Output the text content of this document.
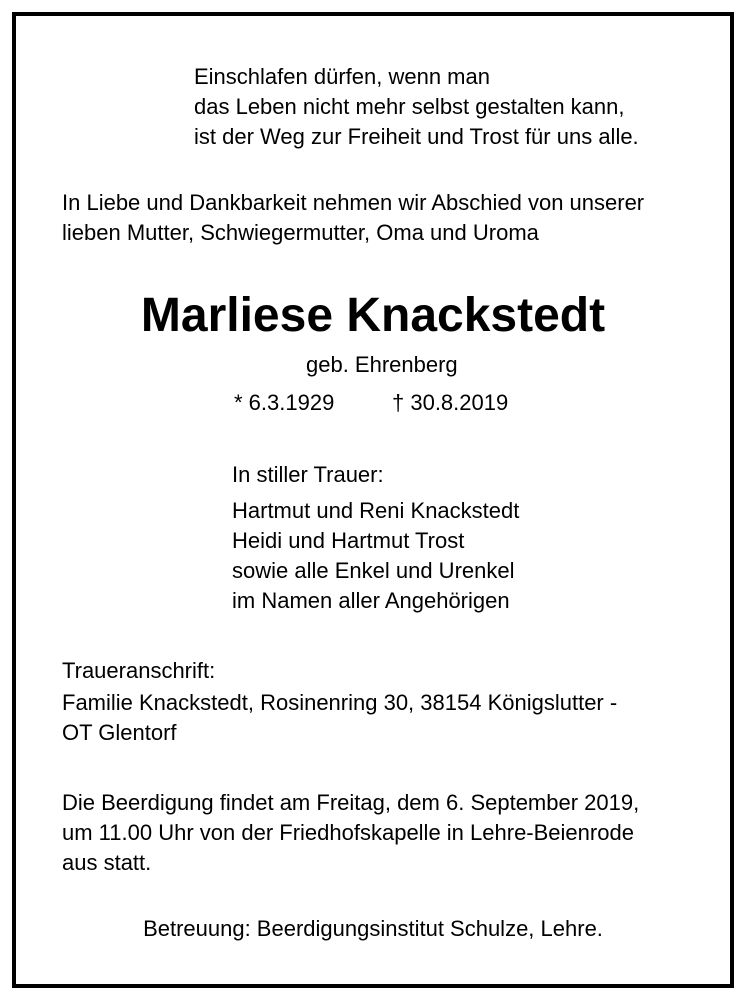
Einschlafen dürfen, wenn man
das Leben nicht mehr selbst gestalten kann,
ist der Weg zur Freiheit und Trost für uns alle.

In Liebe und Dankbarkeit nehmen wir Abschied von unserer
lieben Mutter, Schwiegermutter, Oma und Uroma

Marliese Knackstedt

geb. Ehrenberg

* 6.3.1929	† 30.8.2019

In stiller Trauer:

Hartmut und Reni Knackstedt
Heidi und Hartmut Trost
sowie alle Enkel und Urenkel
im Namen aller Angehörigen

Traueranschrift:

Familie Knackstedt, Rosinenring 30, 38154 Königslutter -
OT Glentorf

Die Beerdigung findet am Freitag, dem 6. September 2019,
um 11.00 Uhr von der Friedhofskapelle in Lehre-Beienrode
aus statt.

Betreuung: Beerdigungsinstitut Schulze, Lehre.
